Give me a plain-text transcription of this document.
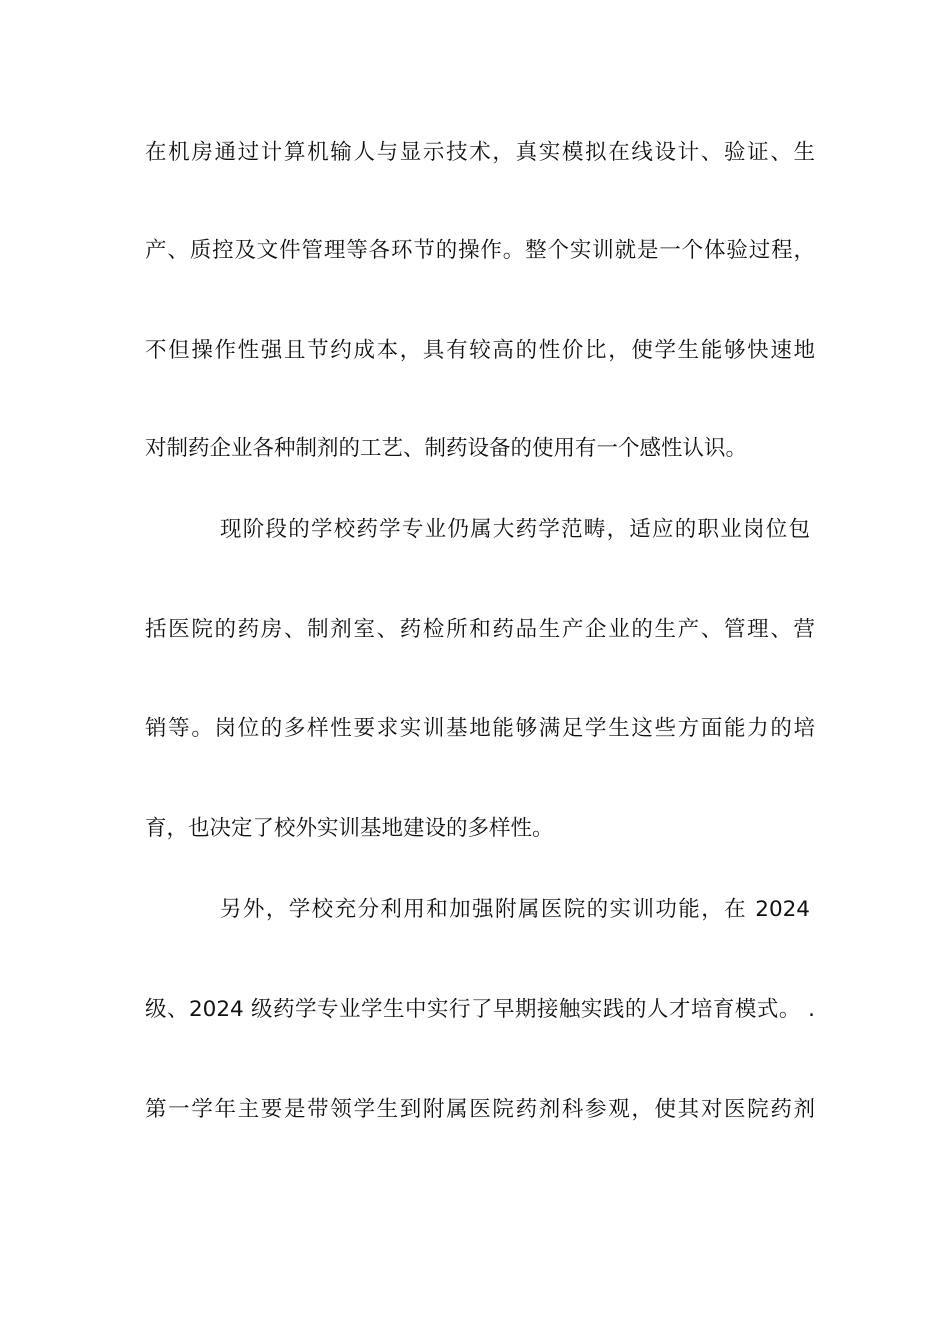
在机房通过计算机输人与显示技术，真实模拟在线设计、验证、生
产、质控及文件管理等各环节的操作。整个实训就是一个体验过程，
不但操作性强且节约成本，具有较高的性价比，使学生能够快速地
对制药企业各种制剂的工艺、制药设备的使用有一个感性认识。
现阶段的学校药学专业仍属大药学范畴，适应的职业岗位包
括医院的药房、制剂室、药检所和药品生产企业的生产、管理、营
销等。岗位的多样性要求实训基地能够满足学生这些方面能力的培
育，也决定了校外实训基地建设的多样性。
另外，学校充分利用和加强附属医院的实训功能，在 2024
级、2024 级药学专业学生中实行了早期接触实践的人才培育模式。 .
第一学年主要是带领学生到附属医院药剂科参观，使其对医院药剂
